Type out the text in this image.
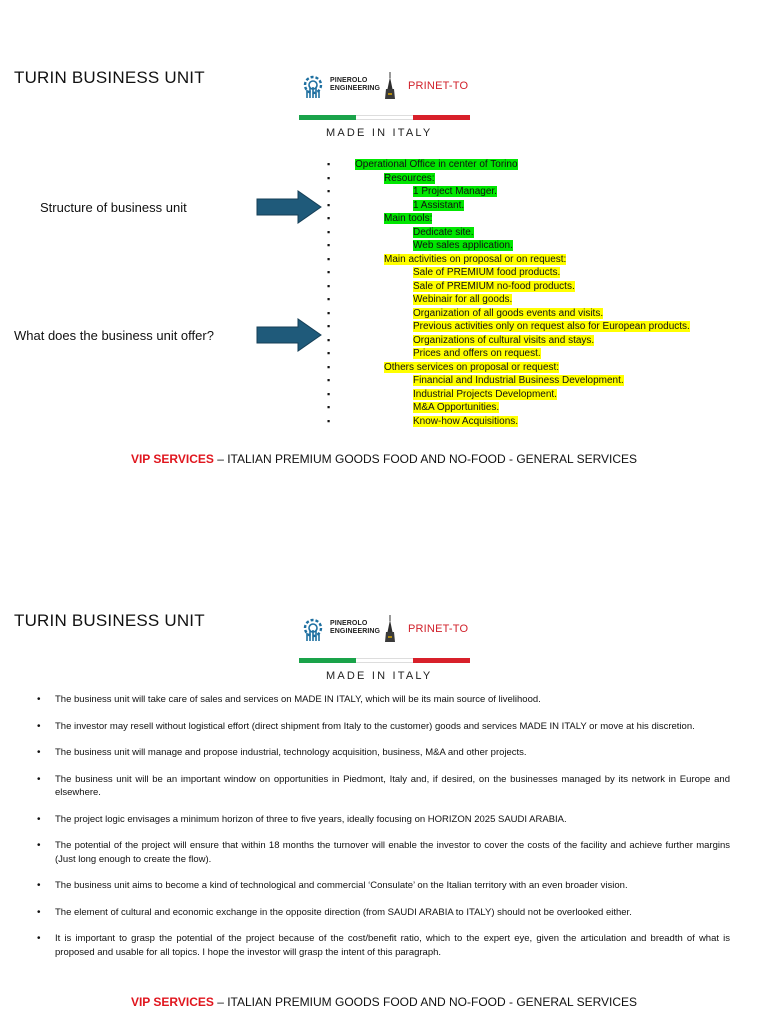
TURIN BUSINESS UNIT	PINEROLO
ENGINEERING	PRINET-TO
MADE IN ITALY
Structure of business unit
What does the business unit offer?
▪ Operational Office in center of Torino
▪ Resources:
▪ 1 Project Manager.
▪ 1 Assistant.
▪ Main tools:
▪ Dedicate site.
▪ Web sales application.
▪ Main activities on proposal or on request:
▪ Sale of PREMIUM food products.
▪ Sale of PREMIUM no-food products.
▪ Webinair for all goods.
▪ Organization of all goods events and visits.
▪ Previous activities only on request also for European products.
▪ Organizations of cultural visits and stays.
▪ Prices and offers on request.
▪ Others services on proposal or request:
▪ Financial and Industrial Business Development.
▪ Industrial Projects Development.
▪ M&A Opportunities.
▪ Know-how Acquisitions.
VIP SERVICES – ITALIAN PREMIUM GOODS FOOD AND NO-FOOD - GENERAL SERVICES
TURIN BUSINESS UNIT	PINEROLO
ENGINEERING	PRINET-TO
MADE IN ITALY
• The business unit will take care of sales and services on MADE IN ITALY, which will be its main source of livelihood.
• The investor may resell without logistical effort (direct shipment from Italy to the customer) goods and services MADE IN ITALY or move at his discretion.
• The business unit will manage and propose industrial, technology acquisition, business, M&A and other projects.
• The business unit will be an important window on opportunities in Piedmont, Italy and, if desired, on the businesses managed by its network in Europe and elsewhere.
• The project logic envisages a minimum horizon of three to five years, ideally focusing on HORIZON 2025 SAUDI ARABIA.
• The potential of the project will ensure that within 18 months the turnover will enable the investor to cover the costs of the facility and achieve further margins (Just long enough to create the flow).
• The business unit aims to become a kind of technological and commercial ‘Consulate’ on the Italian territory with an even broader vision.
• The element of cultural and economic exchange in the opposite direction (from SAUDI ARABIA to ITALY) should not be overlooked either.
• It is important to grasp the potential of the project because of the cost/benefit ratio, which to the expert eye, given the articulation and breadth of what is proposed and usable for all topics. I hope the investor will grasp the intent of this paragraph.
VIP SERVICES – ITALIAN PREMIUM GOODS FOOD AND NO-FOOD - GENERAL SERVICES
